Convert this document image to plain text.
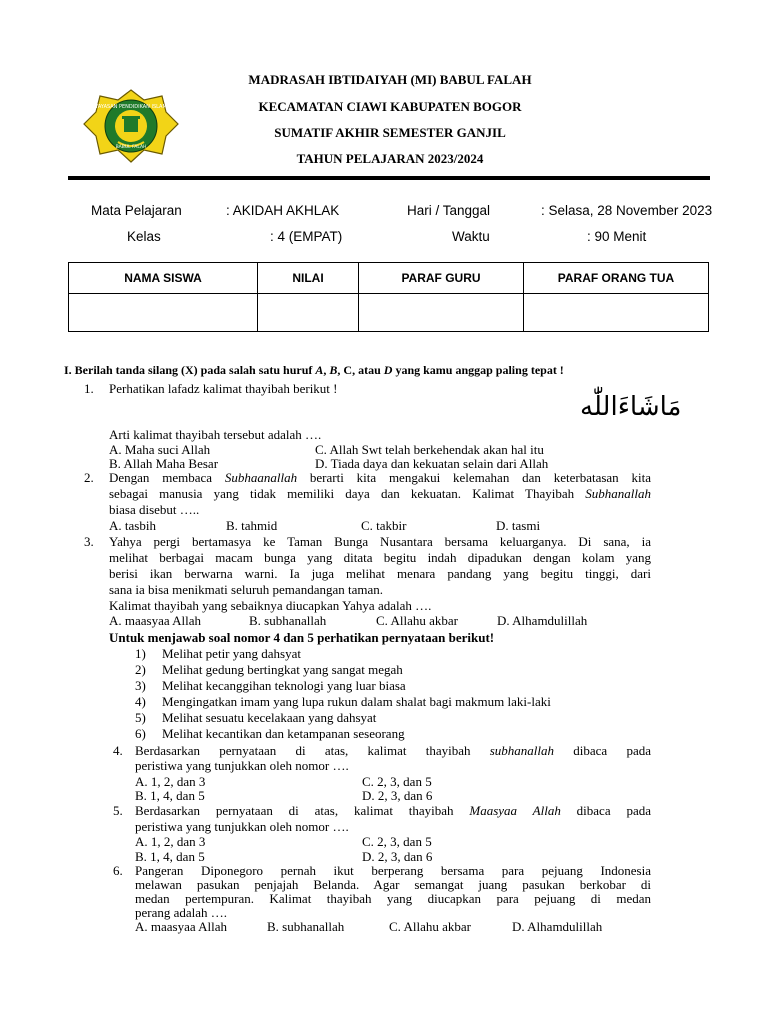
YAYASAN PENDIDIKAN ISLAM
BABUL FALAH
MADRASAH IBTIDAIYAH (MI) BABUL FALAH
KECAMATAN CIAWI KABUPATEN BOGOR
SUMATIF AKHIR SEMESTER GANJIL
TAHUN PELAJARAN 2023/2024
Mata Pelajaran	: AKIDAH AKHLAK	Hari / Tanggal	: Selasa, 28 November 2023
Kelas	: 4 (EMPAT)	Waktu	: 90 Menit
NAMA SISWA	NILAI	PARAF GURU	PARAF ORANG TUA

I. Berilah tanda silang (X) pada salah satu huruf A, B, C, atau D yang kamu anggap paling tepat !
1. Perhatikan lafadz kalimat thayibah berikut !
مَاشَاءَاللّٰه
Arti kalimat thayibah tersebut adalah ….
A. Maha suci Allah	C. Allah Swt telah berkehendak akan hal itu
B. Allah Maha Besar	D. Tiada daya dan kekuatan selain dari Allah
2. Dengan membaca Subhaanallah berarti kita mengakui kelemahan dan keterbatasan kita
sebagai manusia yang tidak memiliki daya dan kekuatan. Kalimat Thayibah Subhanallah
biasa disebut …..
A. tasbih	B. tahmid	C. takbir	D. tasmi
3. Yahya pergi bertamasya ke Taman Bunga Nusantara bersama keluarganya. Di sana, ia
melihat berbagai macam bunga yang ditata begitu indah dipadukan dengan kolam yang
berisi ikan berwarna warni. Ia juga melihat menara pandang yang begitu tinggi, dari
sana ia bisa menikmati seluruh pemandangan taman.
Kalimat thayibah yang sebaiknya diucapkan Yahya adalah ….
A. maasyaa Allah	B. subhanallah	C. Allahu akbar	D. Alhamdulillah
Untuk menjawab soal nomor 4 dan 5 perhatikan pernyataan berikut!
1) Melihat petir yang dahsyat
2) Melihat gedung bertingkat yang sangat megah
3) Melihat kecanggihan teknologi yang luar biasa
4) Mengingatkan imam yang lupa rukun dalam shalat bagi makmum laki-laki
5) Melihat sesuatu kecelakaan yang dahsyat
6) Melihat kecantikan dan ketampanan seseorang
4. Berdasarkan pernyataan di atas, kalimat thayibah subhanallah dibaca pada
peristiwa yang tunjukkan oleh nomor ….
A. 1, 2, dan 3	C. 2, 3, dan 5
B. 1, 4, dan 5	D. 2, 3, dan 6
5. Berdasarkan pernyataan di atas, kalimat thayibah Maasyaa Allah dibaca pada
peristiwa yang tunjukkan oleh nomor ….
A. 1, 2, dan 3	C. 2, 3, dan 5
B. 1, 4, dan 5	D. 2, 3, dan 6
6. Pangeran Diponegoro pernah ikut berperang bersama para pejuang Indonesia
melawan pasukan penjajah Belanda. Agar semangat juang pasukan berkobar di
medan pertempuran. Kalimat thayibah yang diucapkan para pejuang di medan
perang adalah ….
A. maasyaa Allah	B. subhanallah	C. Allahu akbar	D. Alhamdulillah
